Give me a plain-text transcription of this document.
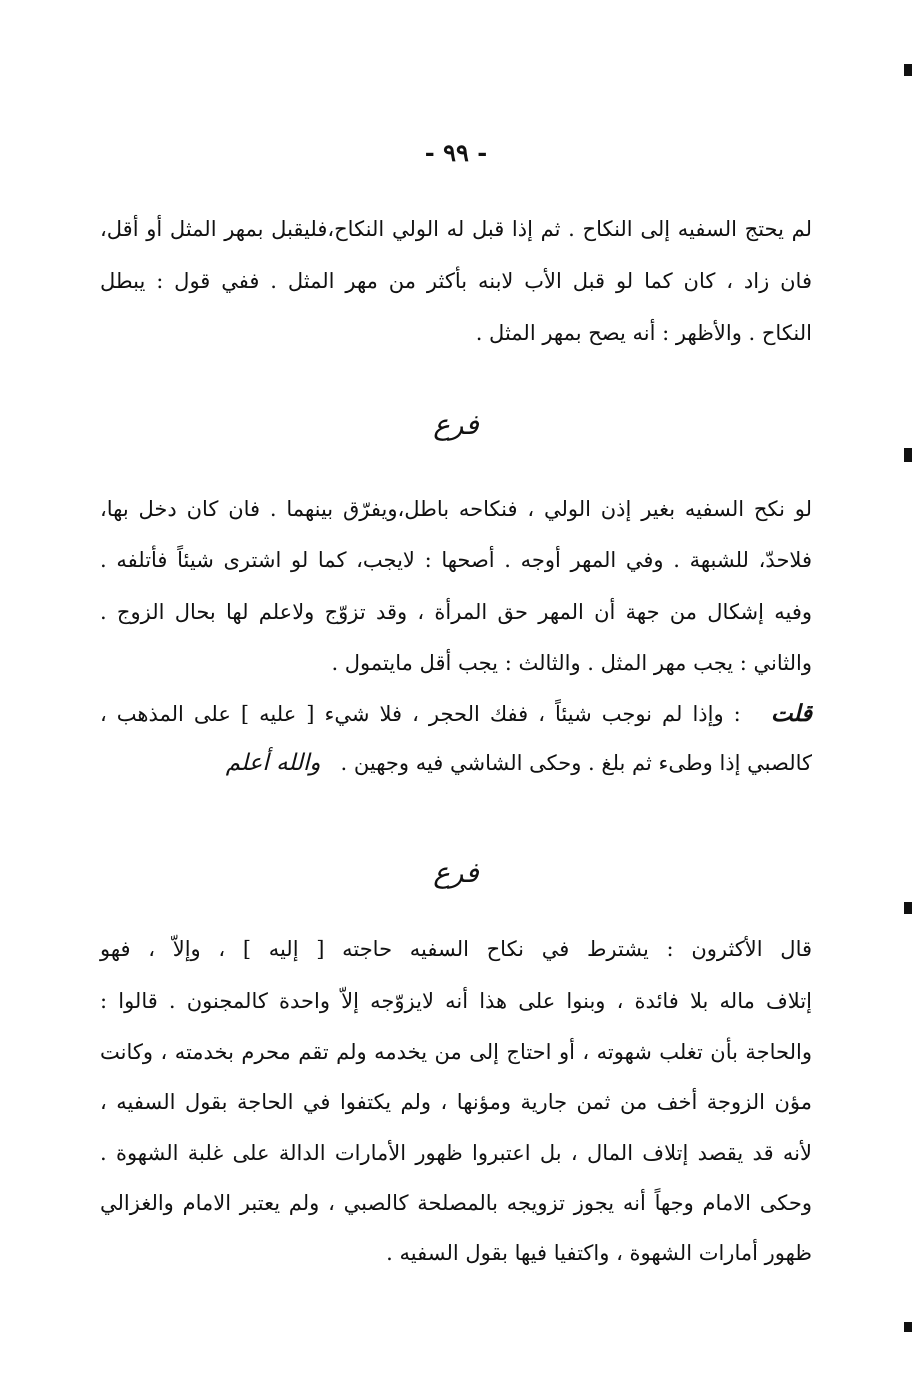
- ٩٩ -
لم يحتج السفيه إلى النكاح . ثم إذا قبل له الولي النكاح،فليقبل بمهر المثل أو أقل،
فان زاد ، كان كما لو قبل الأب لابنه بأكثر من مهر المثل . ففي قول : يبطل
النكاح . والأظهر : أنه يصح بمهر المثل .
فرع
لو نكح السفيه بغير إذن الولي ، فنكاحه باطل،ويفرّق بينهما . فان كان دخل بها،
فلاحدّ، للشبهة . وفي المهر أوجه . أصحها : لايجب، كما لو اشترى شيئاً فأتلفه .
وفيه إشكال من جهة أن المهر حق المرأة ، وقد تزوّج ولاعلم لها بحال الزوج .
والثاني : يجب مهر المثل . والثالث : يجب أقل مايتمول .
قلت   : وإذا لم نوجب شيئاً ، ففك الحجر ، فلا شيء [ عليه ] على المذهب ،
كالصبي إذا وطىء ثم بلغ . وحكى الشاشي فيه وجهين .   والله أعلم
فرع
قال الأكثرون : يشترط في نكاح السفيه حاجته [ إليه ] ، وإلاّ ، فهو
إتلاف ماله بلا فائدة ، وبنوا على هذا أنه لايزوّجه إلاّ واحدة كالمجنون . قالوا :
والحاجة بأن تغلب شهوته ، أو احتاج إلى من يخدمه ولم تقم محرم بخدمته ، وكانت
مؤن الزوجة أخف من ثمن جارية ومؤنها ، ولم يكتفوا في الحاجة بقول السفيه ،
لأنه قد يقصد إتلاف المال ، بل اعتبروا ظهور الأمارات الدالة على غلبة الشهوة .
وحكى الامام وجهاً أنه يجوز تزويجه بالمصلحة كالصبي ، ولم يعتبر الامام والغزالي
ظهور أمارات الشهوة ، واكتفيا فيها بقول السفيه .
